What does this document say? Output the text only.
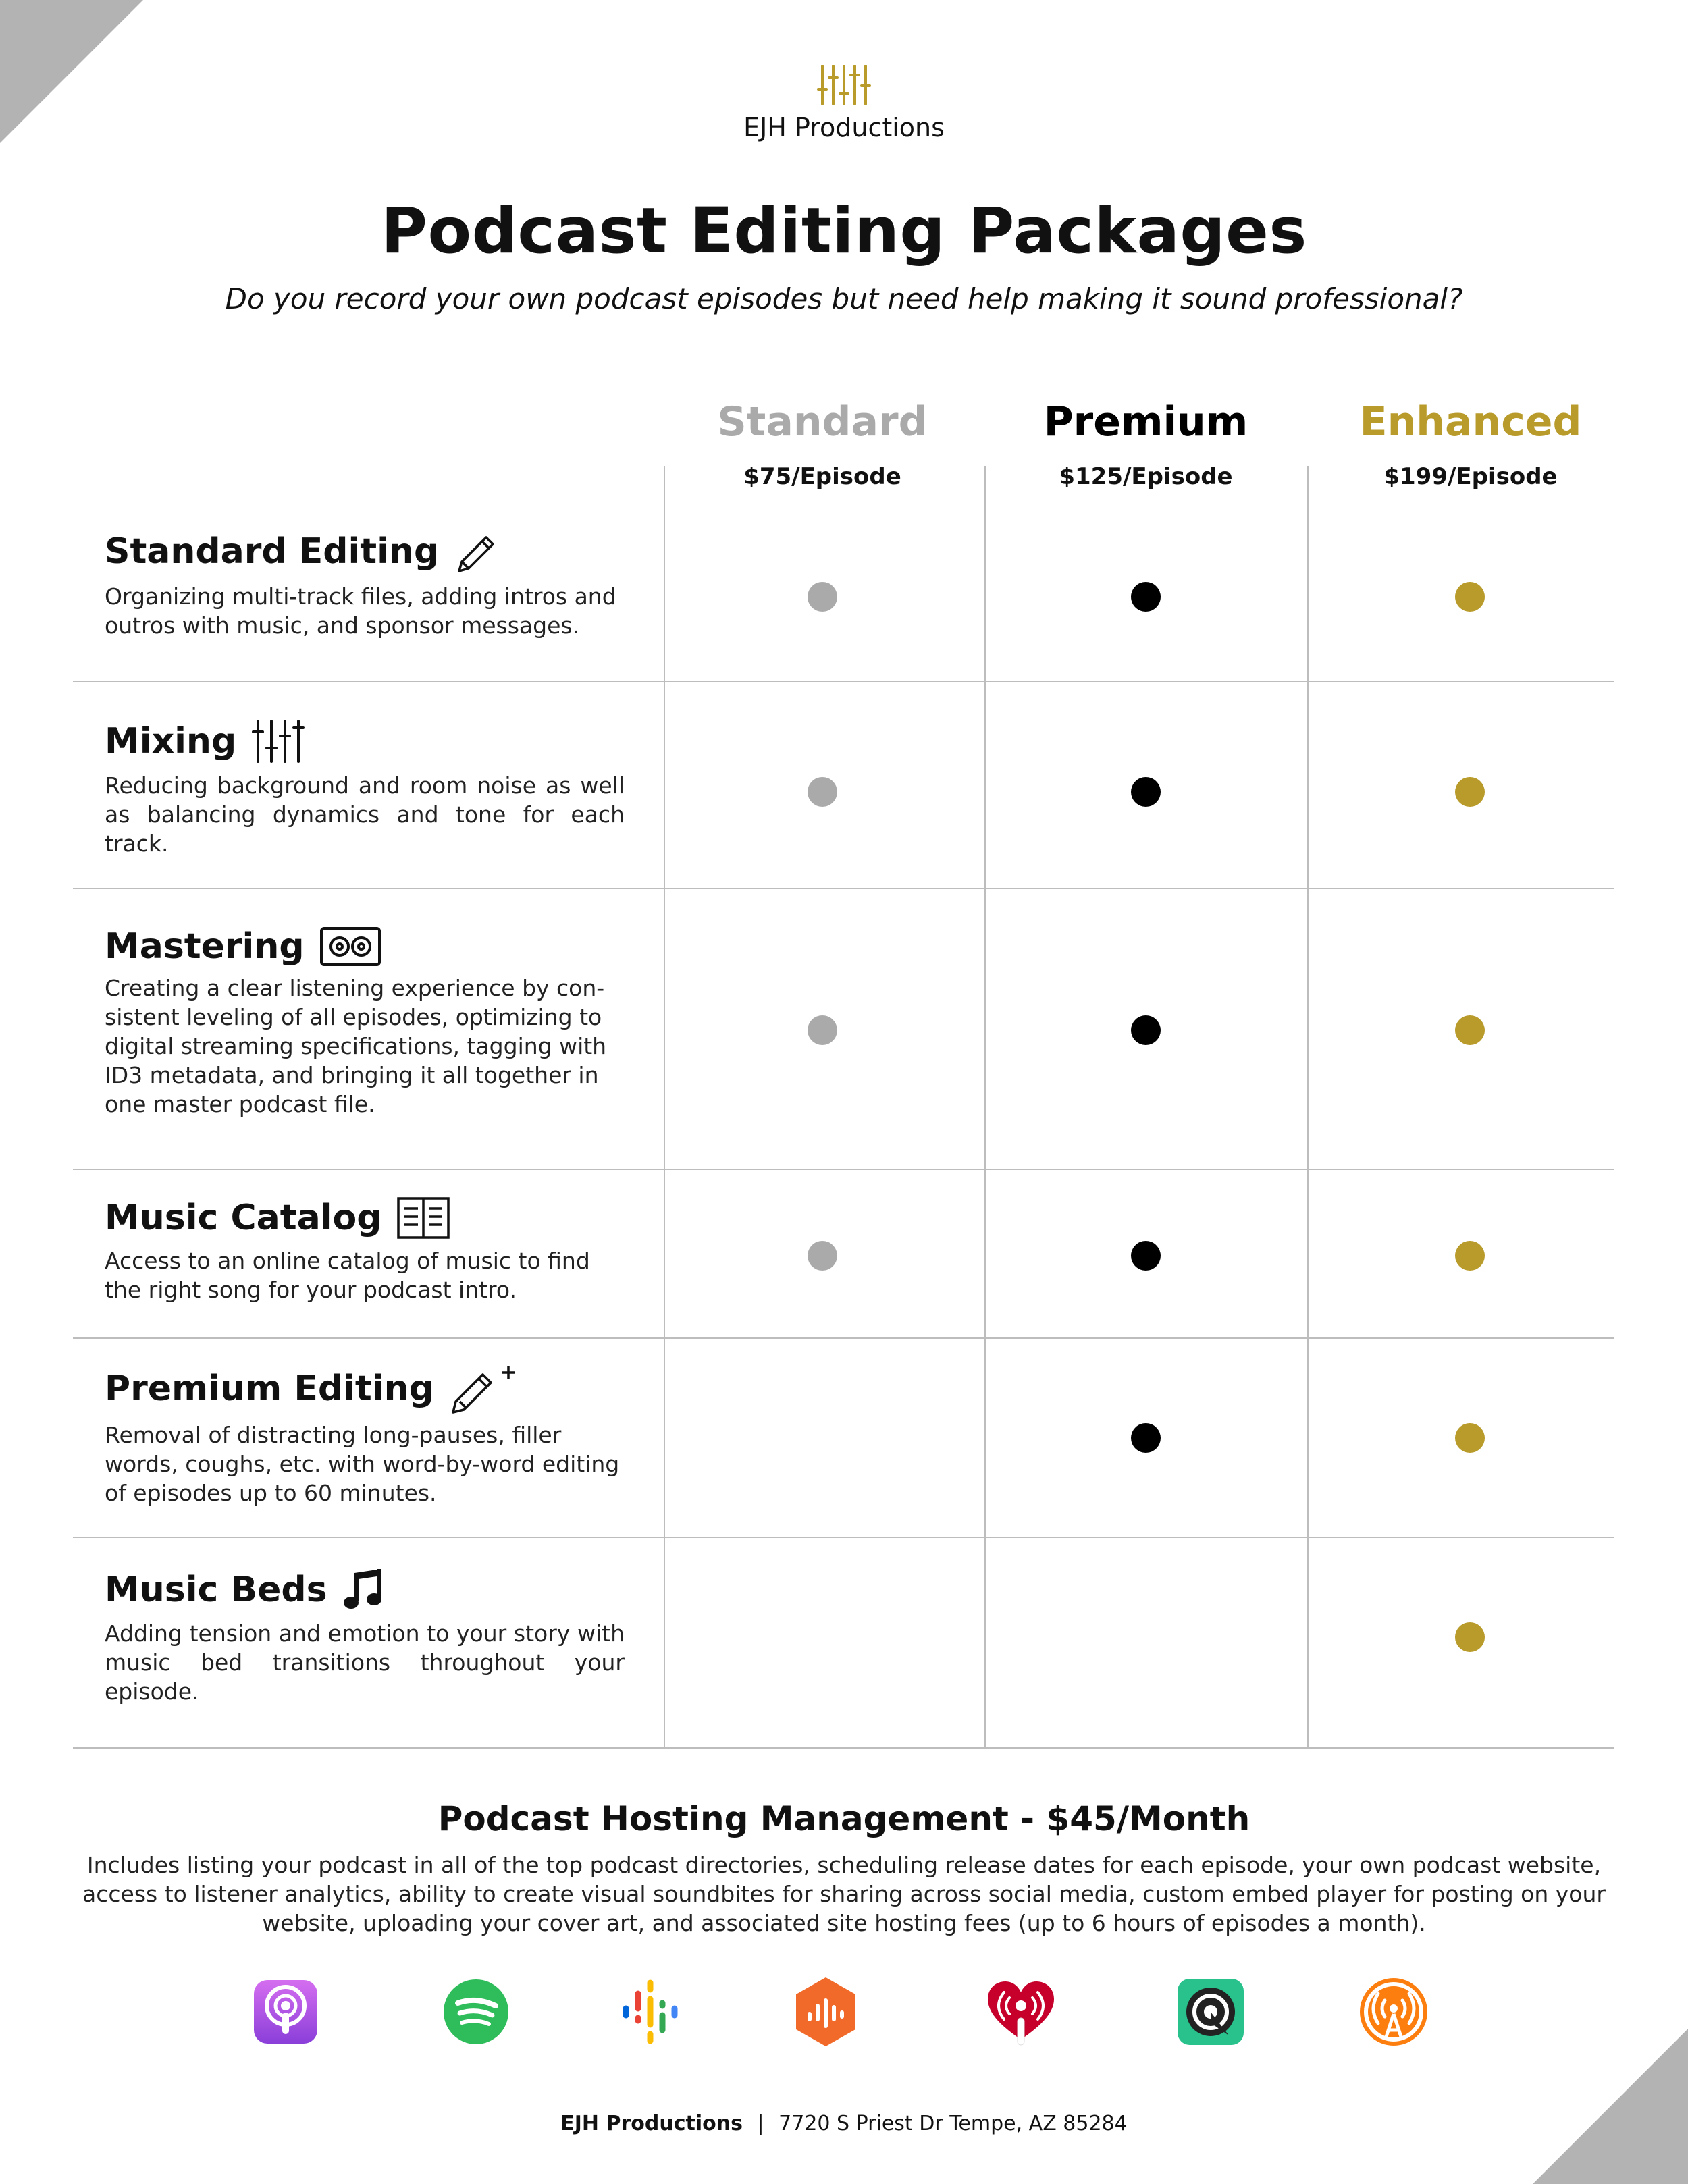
EJH Productions
Podcast Editing Packages

Do you record your own podcast episodes but need help making it sound professional?

Standard
$75/Episode
Premium
$125/Episode
Enhanced
$199/Episode
Standard Editing
Organizing multi-track files, adding intros and outros with music, and sponsor messages.
Mixing
Reducing background and room noise as well as balancing dynamics and tone for each track.
Mastering
Creating a clear listening experience by con-sistent leveling of all episodes, optimizing to digital streaming specifications, tagging with ID3 metadata, and bringing it all together in one master podcast file.
Music Catalog
Access to an online catalog of music to find the right song for your podcast intro.
Premium Editing
Removal of distracting long-pauses, filler words, coughs, etc. with word-by-word editing of episodes up to 60 minutes.
Music Beds
Adding tension and emotion to your story with music bed transitions throughout your episode.
Podcast Hosting Management - $45/Month

Includes listing your podcast in all of the top podcast directories, scheduling release dates for each episode, your own podcast website, access to listener analytics, ability to create visual soundbites for sharing across social media, custom embed player for posting on your website, uploading your cover art, and associated site hosting fees (up to 6 hours of episodes a month).

EJH Productions | 7720 S Priest Dr Tempe, AZ 85284
